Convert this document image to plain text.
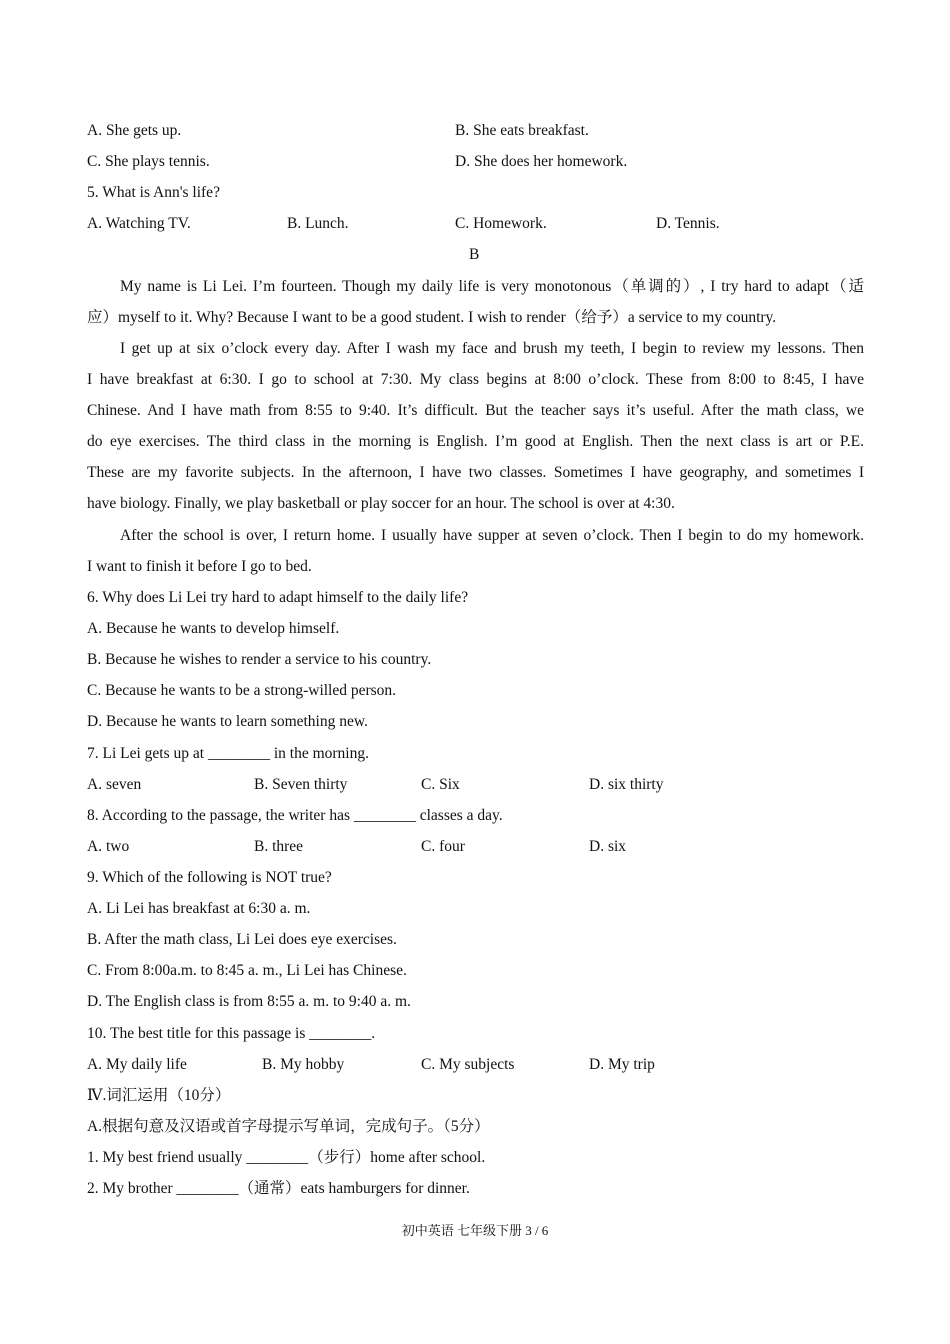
A. She gets up.	B. She eats breakfast.
C. She plays tennis.	D. She does her homework.
5. What is Ann's life?
A. Watching TV.	B. Lunch.	C. Homework.	D. Tennis.
B
My name is Li Lei. I’m fourteen. Though my daily life is very monotonous（单调的）, I try hard to adapt（适
应）myself to it. Why? Because I want to be a good student. I wish to render（给予）a service to my country.
I get up at six o’clock every day. After I wash my face and brush my teeth, I begin to review my lessons. Then
I have breakfast at 6:30. I go to school at 7:30. My class begins at 8:00 o’clock. These from 8:00 to 8:45, I have
Chinese. And I have math from 8:55 to 9:40. It’s difficult. But the teacher says it’s useful. After the math class, we
do eye exercises. The third class in the morning is English. I’m good at English. Then the next class is art or P.E.
These are my favorite subjects. In the afternoon, I have two classes. Sometimes I have geography, and sometimes I
have biology. Finally, we play basketball or play soccer for an hour. The school is over at 4:30.
After the school is over, I return home. I usually have supper at seven o’clock. Then I begin to do my homework.
I want to finish it before I go to bed.
6. Why does Li Lei try hard to adapt himself to the daily life?
A. Because he wants to develop himself.
B. Because he wishes to render a service to his country.
C. Because he wants to be a strong-willed person.
D. Because he wants to learn something new.
7. Li Lei gets up at ________ in the morning.
A. seven	B. Seven thirty	C. Six	D. six thirty
8. According to the passage, the writer has ________ classes a day.
A. two	B. three	C. four	D. six
9. Which of the following is NOT true?
A. Li Lei has breakfast at 6:30 a. m.
B. After the math class, Li Lei does eye exercises.
C. From 8:00a.m. to 8:45 a. m., Li Lei has Chinese.
D. The English class is from 8:55 a. m. to 9:40 a. m.
10. The best title for this passage is ________.
A. My daily life	B. My hobby	C. My subjects	D. My trip
Ⅳ.词汇运用（10分）
A.根据句意及汉语或首字母提示写单词，完成句子。（5分）
1. My best friend usually ________（步行）home after school.
2. My brother ________（通常）eats hamburgers for dinner.
初中英语 七年级下册 3 / 6
